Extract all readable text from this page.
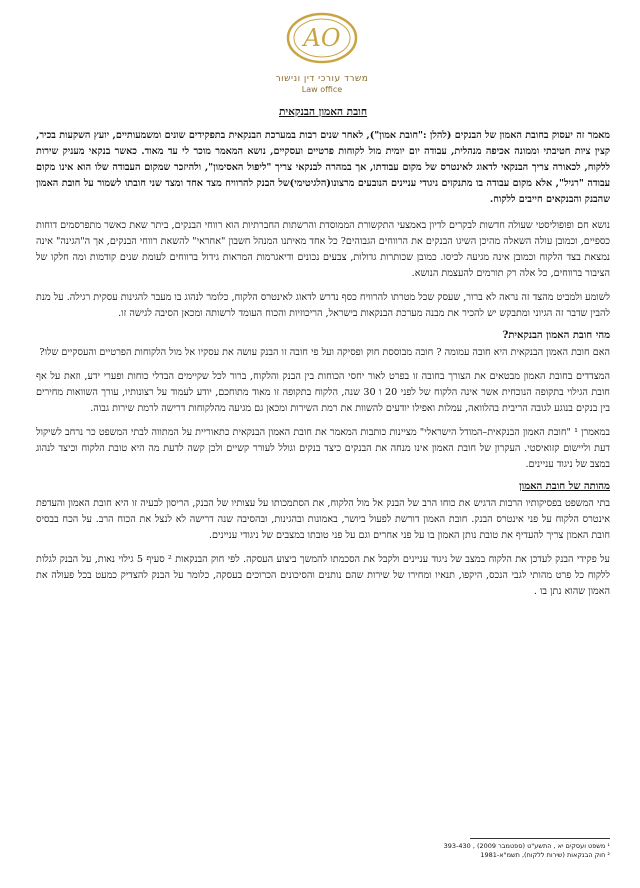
AO
משרד עורכי דין ונישור
Law office
חובת האמון הבנקאית

מאמר זה יעסוק בחובת האמון של הבנקים (להלן :"חובת אמון"), לאחר שנים רבות במערכת הבנקאית בתפקידים שונים ומשמעותיים, יועץ השקעות בכיר, קצין ציות חטיבתי וממונה אכיפה מנהלית, עבודה יום יומית מול לקוחות פרטיים ועסקיים, נושא המאמר מוכר לי עד מאוד. כאשר בנקאי מעניק שירות ללקוח, לכאורה צריך הבנקאי לדאוג לאינטרס של מקום עבודתו, אך במהרה לבנקאי צריך "ליפול האסימון", ולהיזכר שמקום העבודה שלו הוא אינו מקום עבודה "רגיל", אלא מקום עבודה בו מתנקזים ניגודי עניינים הנובעים מרצונו(הלגיטימי)של הבנק להרוויח מצד אחד ומצד שני חובתו לשמור על חובת האמון שהבנק והבנקאים חייבים ללקוח.

נושא חם ופופוליסטי שעולה חדשות לבקרים לדיון באמצעי התקשורת הממוסדת והרשתות החברתיות הוא רווחי הבנקים, ביתר שאת כאשר מתפרסמים דוחות כספיים, וכמובן עולה השאלה מהיכן השיגו הבנקים את הרווחים הגבוהים? כל אחד מאיתנו המנהל חשבון "אחראי" להשאת רווחי הבנקים, אך ה"הגינה" אינה נמצאת בצד הלקוח וכמובן אינה מגיעה לכיסו. כמובן שכותרות גדולות, צבעים נכונים ודיאגרמות המראות גידול ברווחים לעומת שנים קודמות ומה חלקו של הציבור ברווחים, כל אלה רק תורמים להעצמת הנושא.

לשומע ולמביט מהצד זה נראה לא ברור, שעסק שכל מטרתו להרוויח כסף נדרש לדאוג לאינטרס הלקוח, כלומר לנהוג בו מעבר להגינות עסקית רגילה. על מנת להבין שדבר זה הגיוני ומתבקש יש להכיר את מבנה מערכת הבנקאות בישראל, הריכוזיות והכוח העומד לרשותה ומכאן הסיבה לגישה זו.

מהי חובת האמון הבנקאית?

האם חובת האמון הבנקאית היא חובה עמומה ? חובה מבוססת חוק ופסיקה ועל פי חובה זו הבנק עושה את עסקיו אל מול הלקוחות הפרטיים והעסקיים שלו?

המצדדים בחובת האמון מבטאים את הצורך בחובה זו בפרט לאור יחסי הכוחות בין הבנק והלקוח, ברור לכל שקיימים הבדלי כוחות ופערי ידע, וזאת על אף חובת הגילוי בתקופה הנוכחית אשר אינה הלקוח של לפני 20 ו 30 שנה, הלקוח בתקופה זו מאוד מתוחכם, יודע לעמוד על רצונותיו, עורך השוואות מחירים בין בנקים בנוגע לגובה הריבית בהלוואה, עמלות ואפילו יודעים להשוות את רמת השירות ומכאן גם מגיעה מהלקוחות דרישה לרמת שירות גבוה.

במאמרן ¹ "חובת האמון הבנקאית–המודל הישראלי" מציינות כותבות המאמר את חובת האמון הבנקאית כתאוריית על המתווה לבתי המשפט כר נרחב לשיקול דעת וליישום קזואיסטי. העקרון של חובת האמון אינו מנחה את הבנקים כיצד בנקים וגולל לעורר קשיים ולכן קשה לדעת מה היא טובת הלקוח וכיצד לנהוג במצב של ניגוד עניינים.

מהותה של חובת האמון

בתי המשפט בפסיקותיו הרבות הדגיש את כוחו הרב של הבנק אל מול הלקוח, את הסתמכותו על עצותיו של הבנק, הריסון לבעיה זו היא חובת האמון והעדפת אינטרס הלקוח על פני אינטרס הבנק. חובת האמון דורשת לפעול ביושר, באמונות ובהגינות, ובהסיבה שנה דרישה לא לנצל את הכוח הרב. על הכח בבסיס חובת האמון צריך להעדיף את טובת נותן האמון בו על פני אחרים וגם על פני טובתו במצבים של ניגודי עניינים.

על פקידי הבנק לעדכן את הלקוח במצב של ניגוד עניינים ולקבל את הסכמתו להמשך ביצוע העסקה. לפי חוק הבנקאות ² סעיף 5 גילוי נאות, על הבנק לגלות ללקוח כל פרט מהותי לגבי הנכס, היקפו, תנאיו ומחירו של שירות שהם נותנים והסיכונים הכרוכים בעסקה, כלומר על הבנק להצדיק כמעט בכל פעולה את האמון שהוא נתן בו .

¹ משפט ועסקים יא , התשע"ט (ספטמבר 2009) , 393-430
² חוק הבנקאות (שירות ללקוח), תשמ"א-1981
